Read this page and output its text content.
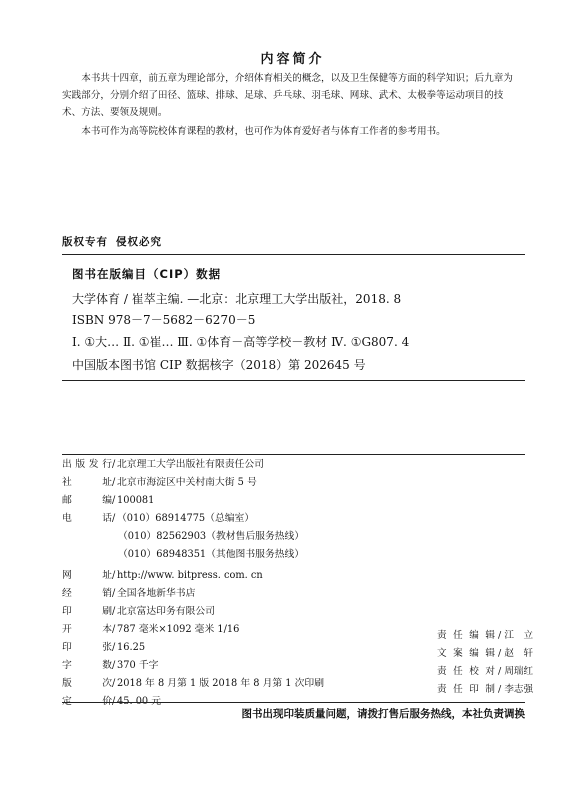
内容简介

本书共十四章，前五章为理论部分，介绍体育相关的概念，以及卫生保健等方面的科学知识；后九章为实践部分，分别介绍了田径、篮球、排球、足球、乒乓球、羽毛球、网球、武术、太极拳等运动项目的技术、方法、要领及规则。

本书可作为高等院校体育课程的教材，也可作为体育爱好者与体育工作者的参考用书。

版权专有 侵权必究
图书在版编目（CIP）数据
大学体育 / 崔萃主编. —北京：北京理工大学出版社，2018. 8
ISBN 978－7－5682－6270－5
Ⅰ. ①大… Ⅱ. ①崔… Ⅲ. ①体育－高等学校－教材 Ⅳ. ①G807. 4
中国版本图书馆 CIP 数据核字（2018）第 202645 号
出版发行/ 北京理工大学出版社有限责任公司
社址/ 北京市海淀区中关村南大街 5 号
邮编/ 100081
电话/ （010）68914775（总编室）
（010）82562903（教材售后服务热线）
（010）68948351（其他图书服务热线）
网址/ http://www. bitpress. com. cn
经销/ 全国各地新华书店
印刷/ 北京富达印务有限公司
开本/ 787 毫米×1092 毫米 1/16
印张/ 16.25
字数/ 370 千字
版次/ 2018 年 8 月第 1 版 2018 年 8 月第 1 次印刷
责任编辑 / 江　立
文案编辑 / 赵　轩
责任校对 / 周瑞红
责任印制 / 李志强
图书出现印装质量问题，请拨打售后服务热线，本社负责调换
